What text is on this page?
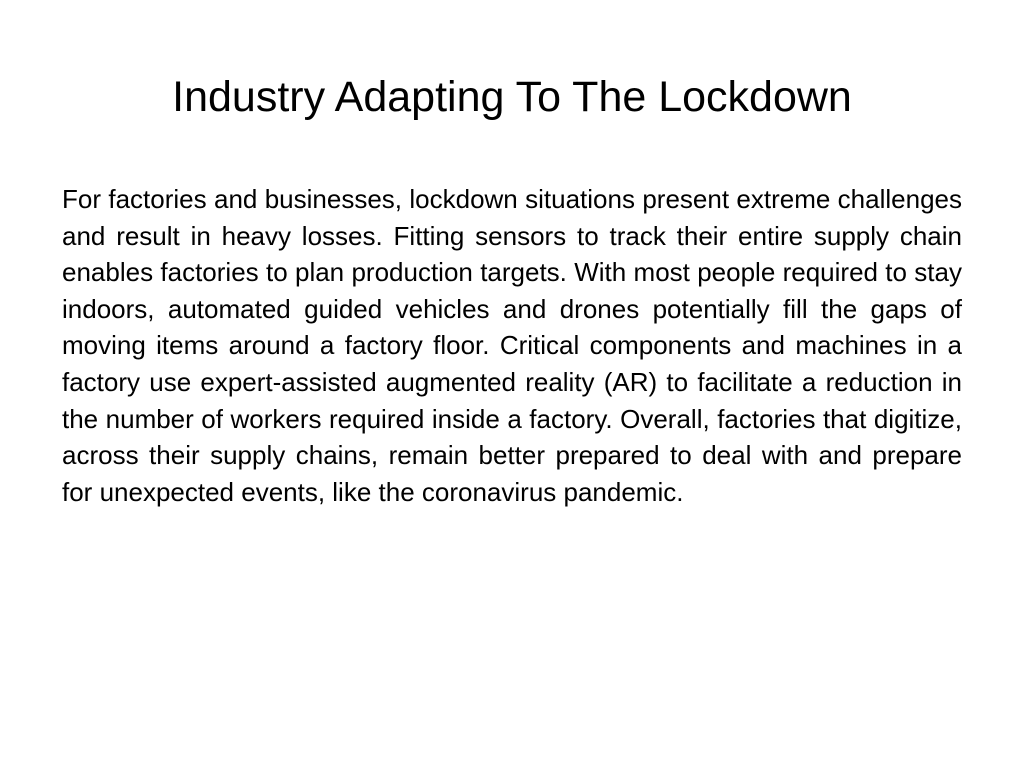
Industry Adapting To The Lockdown

For factories and businesses, lockdown situations present extreme challenges and result in heavy losses. Fitting sensors to track their entire supply chain enables factories to plan production targets. With most people required to stay indoors, automated guided vehicles and drones potentially fill the gaps of moving items around a factory floor. Critical components and machines in a factory use expert-assisted augmented reality (AR) to facilitate a reduction in the number of workers required inside a factory. Overall, factories that digitize, across their supply chains, remain better prepared to deal with and prepare for unexpected events, like the coronavirus pandemic.
